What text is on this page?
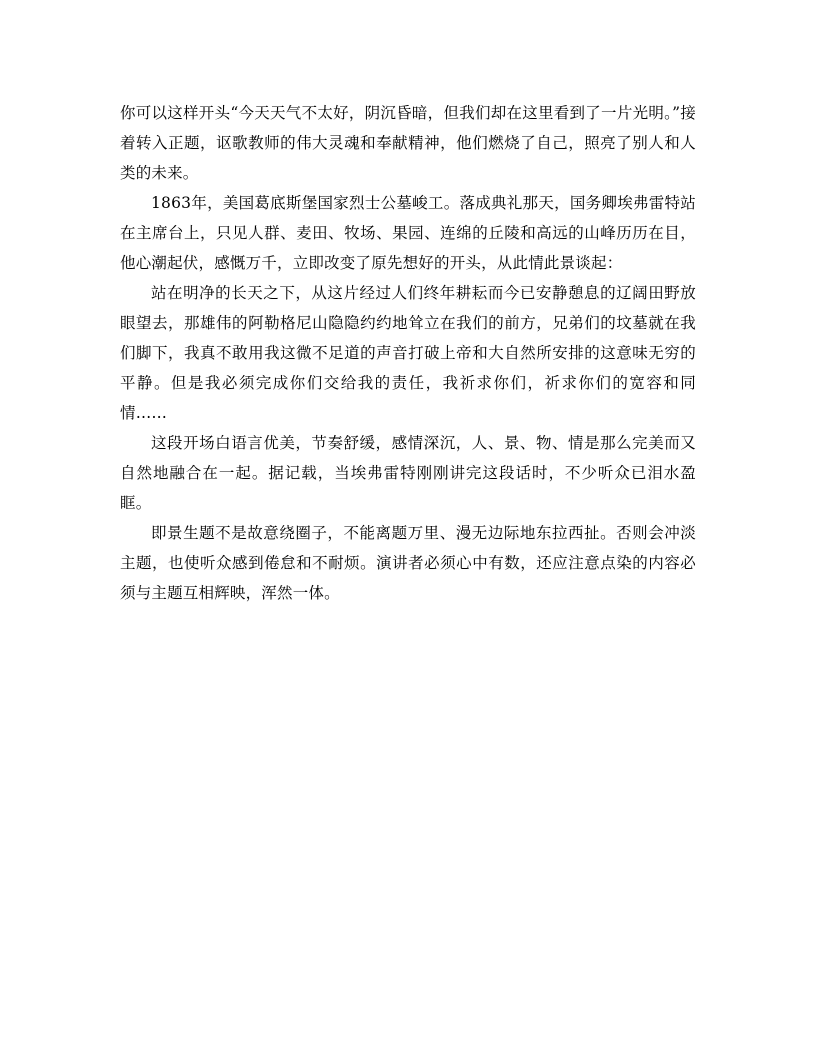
你可以这样开头“今天天气不太好，阴沉昏暗，但我们却在这里看到了一片光明。”接着转入正题，讴歌教师的伟大灵魂和奉献精神，他们燃烧了自己，照亮了别人和人类的未来。

1863年，美国葛底斯堡国家烈士公墓峻工。落成典礼那天，国务卿埃弗雷特站在主席台上，只见人群、麦田、牧场、果园、连绵的丘陵和高远的山峰历历在目，他心潮起伏，感慨万千，立即改变了原先想好的开头，从此情此景谈起：

站在明净的长天之下，从这片经过人们终年耕耘而今已安静憩息的辽阔田野放眼望去，那雄伟的阿勒格尼山隐隐约约地耸立在我们的前方，兄弟们的坟墓就在我们脚下，我真不敢用我这微不足道的声音打破上帝和大自然所安排的这意味无穷的平静。但是我必须完成你们交给我的责任，我祈求你们，祈求你们的宽容和同情……

这段开场白语言优美，节奏舒缓，感情深沉，人、景、物、情是那么完美而又自然地融合在一起。据记载，当埃弗雷特刚刚讲完这段话时，不少听众已泪水盈眶。

即景生题不是故意绕圈子，不能离题万里、漫无边际地东拉西扯。否则会冲淡主题，也使听众感到倦怠和不耐烦。演讲者必须心中有数，还应注意点染的内容必须与主题互相辉映，浑然一体。
